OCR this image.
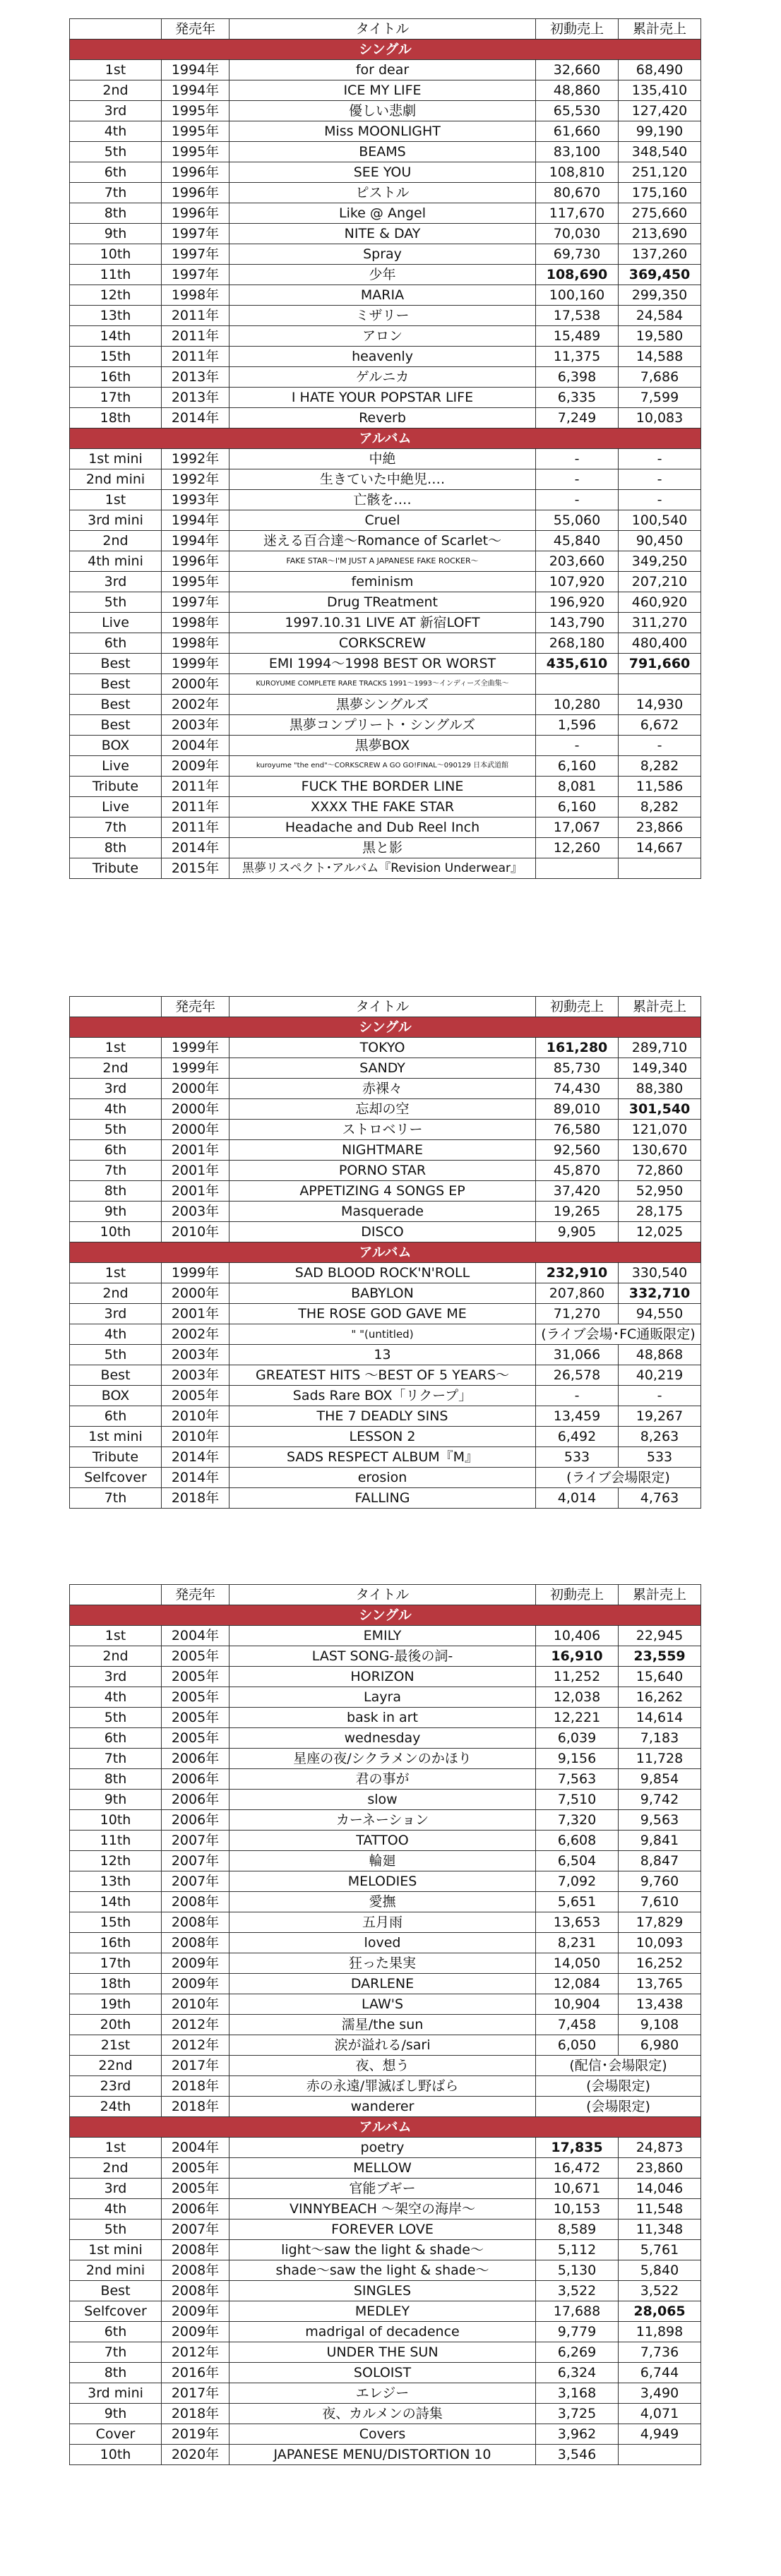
	発売年	タイトル	初動売上	累計売上
シングル				
1st	1994年	for dear	32,660	68,490
2nd	1994年	ICE MY LIFE	48,860	135,410
3rd	1995年	優しい悲劇	65,530	127,420
4th	1995年	Miss MOONLIGHT	61,660	99,190
5th	1995年	BEAMS	83,100	348,540
6th	1996年	SEE YOU	108,810	251,120
7th	1996年	ピストル	80,670	175,160
8th	1996年	Like @ Angel	117,670	275,660
9th	1997年	NITE & DAY	70,030	213,690
10th	1997年	Spray	69,730	137,260
11th	1997年	少年	108,690	369,450
12th	1998年	MARIA	100,160	299,350
13th	2011年	ミザリー	17,538	24,584
14th	2011年	アロン	15,489	19,580
15th	2011年	heavenly	11,375	14,588
16th	2013年	ゲルニカ	6,398	7,686
17th	2013年	I HATE YOUR POPSTAR LIFE	6,335	7,599
18th	2014年	Reverb	7,249	10,083
アルバム				
1st mini	1992年	中絶	-	-
2nd mini	1992年	生きていた中絶児‥‥	-	-
1st	1993年	亡骸を‥‥	-	-
3rd mini	1994年	Cruel	55,060	100,540
2nd	1994年	迷える百合達〜Romance of Scarlet〜	45,840	90,450
4th mini	1996年	FAKE STAR〜I'M JUST A JAPANESE FAKE ROCKER〜	203,660	349,250
3rd	1995年	feminism	107,920	207,210
5th	1997年	Drug TReatment	196,920	460,920
Live	1998年	1997.10.31 LIVE AT 新宿LOFT	143,790	311,270
6th	1998年	CORKSCREW	268,180	480,400
Best	1999年	EMI 1994〜1998 BEST OR WORST	435,610	791,660
Best	2000年	KUROYUME COMPLETE RARE TRACKS 1991〜1993〜インディーズ全曲集〜		
Best	2002年	黒夢シングルズ	10,280	14,930
Best	2003年	黒夢コンプリート・シングルズ	1,596	6,672
BOX	2004年	黒夢BOX	-	-
Live	2009年	kuroyume "the end"〜CORKSCREW A GO GO!FINAL〜090129 日本武道館	6,160	8,282
Tribute	2011年	FUCK THE BORDER LINE	8,081	11,586
Live	2011年	XXXX THE FAKE STAR	6,160	8,282
7th	2011年	Headache and Dub Reel Inch	17,067	23,866
8th	2014年	黒と影	12,260	14,667
Tribute	2015年	黒夢リスペクト･アルバム『Revision Underwear』		
	発売年	タイトル	初動売上	累計売上
シングル				
1st	1999年	TOKYO	161,280	289,710
2nd	1999年	SANDY	85,730	149,340
3rd	2000年	赤裸々	74,430	88,380
4th	2000年	忘却の空	89,010	301,540
5th	2000年	ストロベリー	76,580	121,070
6th	2001年	NIGHTMARE	92,560	130,670
7th	2001年	PORNO STAR	45,870	72,860
8th	2001年	APPETIZING 4 SONGS EP	37,420	52,950
9th	2003年	Masquerade	19,265	28,175
10th	2010年	DISCO	9,905	12,025
アルバム				
1st	1999年	SAD BLOOD ROCK'N'ROLL	232,910	330,540
2nd	2000年	BABYLON	207,860	332,710
3rd	2001年	THE ROSE GOD GAVE ME	71,270	94,550
4th	2002年	" "(untitled)	(ライブ会場･FC通販限定)	
5th	2003年	13	31,066	48,868
Best	2003年	GREATEST HITS 〜BEST OF 5 YEARS〜	26,578	40,219
BOX	2005年	Sads Rare BOX「リクープ」	-	-
6th	2010年	THE 7 DEADLY SINS	13,459	19,267
1st mini	2010年	LESSON 2	6,492	8,263
Tribute	2014年	SADS RESPECT ALBUM『M』	533	533
Selfcover	2014年	erosion	(ライブ会場限定)	
7th	2018年	FALLING	4,014	4,763
	発売年	タイトル	初動売上	累計売上
シングル				
1st	2004年	EMILY	10,406	22,945
2nd	2005年	LAST SONG-最後の詞-	16,910	23,559
3rd	2005年	HORIZON	11,252	15,640
4th	2005年	Layra	12,038	16,262
5th	2005年	bask in art	12,221	14,614
6th	2005年	wednesday	6,039	7,183
7th	2006年	星座の夜/シクラメンのかほり	9,156	11,728
8th	2006年	君の事が	7,563	9,854
9th	2006年	slow	7,510	9,742
10th	2006年	カーネーション	7,320	9,563
11th	2007年	TATTOO	6,608	9,841
12th	2007年	輪廻	6,504	8,847
13th	2007年	MELODIES	7,092	9,760
14th	2008年	愛撫	5,651	7,610
15th	2008年	五月雨	13,653	17,829
16th	2008年	loved	8,231	10,093
17th	2009年	狂った果実	14,050	16,252
18th	2009年	DARLENE	12,084	13,765
19th	2010年	LAW'S	10,904	13,438
20th	2012年	濡星/the sun	7,458	9,108
21st	2012年	涙が溢れる/sari	6,050	6,980
22nd	2017年	夜、想う	(配信･会場限定)	
23rd	2018年	赤の永遠/罪滅ぼし野ばら	(会場限定)	
24th	2018年	wanderer	(会場限定)	
アルバム				
1st	2004年	poetry	17,835	24,873
2nd	2005年	MELLOW	16,472	23,860
3rd	2005年	官能ブギー	10,671	14,046
4th	2006年	VINNYBEACH 〜架空の海岸〜	10,153	11,548
5th	2007年	FOREVER LOVE	8,589	11,348
1st mini	2008年	light〜saw the light & shade〜	5,112	5,761
2nd mini	2008年	shade〜saw the light & shade〜	5,130	5,840
Best	2008年	SINGLES	3,522	3,522
Selfcover	2009年	MEDLEY	17,688	28,065
6th	2009年	madrigal of decadence	9,779	11,898
7th	2012年	UNDER THE SUN	6,269	7,736
8th	2016年	SOLOIST	6,324	6,744
3rd mini	2017年	エレジー	3,168	3,490
9th	2018年	夜、カルメンの詩集	3,725	4,071
Cover	2019年	Covers	3,962	4,949
10th	2020年	JAPANESE MENU/DISTORTION 10	3,546	
